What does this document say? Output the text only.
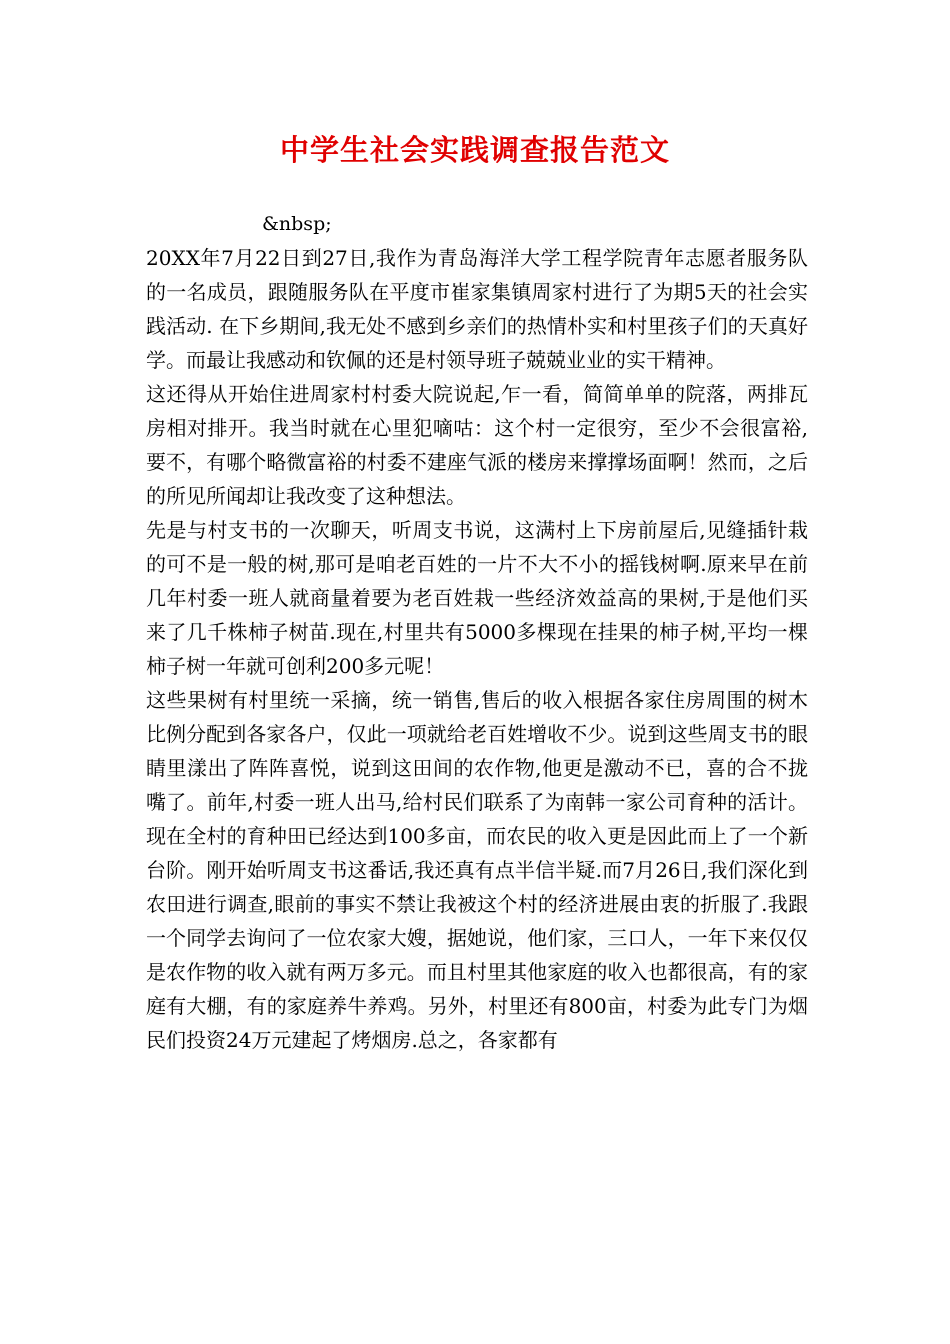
中学生社会实践调查报告范文
&nbsp;

20XX年7月22日到27日,我作为青岛海洋大学工程学院青年志愿者服务队的一名成员，跟随服务队在平度市崔家集镇周家村进行了为期5天的社会实践活动. 在下乡期间,我无处不感到乡亲们的热情朴实和村里孩子们的天真好学。而最让我感动和钦佩的还是村领导班子兢兢业业的实干精神。

这还得从开始住进周家村村委大院说起,乍一看，简简单单的院落，两排瓦房相对排开。我当时就在心里犯嘀咕：这个村一定很穷，至少不会很富裕,要不，有哪个略微富裕的村委不建座气派的楼房来撑撑场面啊！然而，之后的所见所闻却让我改变了这种想法。

先是与村支书的一次聊天，听周支书说，这满村上下房前屋后,见缝插针栽的可不是一般的树,那可是咱老百姓的一片不大不小的摇钱树啊.原来早在前几年村委一班人就商量着要为老百姓栽一些经济效益高的果树,于是他们买来了几千株柿子树苗.现在,村里共有5000多棵现在挂果的柿子树,平均一棵柿子树一年就可创利200多元呢！

这些果树有村里统一采摘，统一销售,售后的收入根据各家住房周围的树木比例分配到各家各户，仅此一项就给老百姓增收不少。说到这些周支书的眼睛里漾出了阵阵喜悦，说到这田间的农作物,他更是激动不已，喜的合不拢嘴了。前年,村委一班人出马,给村民们联系了为南韩一家公司育种的活计。现在全村的育种田已经达到100多亩，而农民的收入更是因此而上了一个新台阶。刚开始听周支书这番话,我还真有点半信半疑.而7月26日,我们深化到农田进行调查,眼前的事实不禁让我被这个村的经济进展由衷的折服了.我跟一个同学去询问了一位农家大嫂，据她说，他们家，三口人，一年下来仅仅是农作物的收入就有两万多元。而且村里其他家庭的收入也都很高，有的家庭有大棚，有的家庭养牛养鸡。另外，村里还有800亩，村委为此专门为烟民们投资24万元建起了烤烟房.总之，各家都有
